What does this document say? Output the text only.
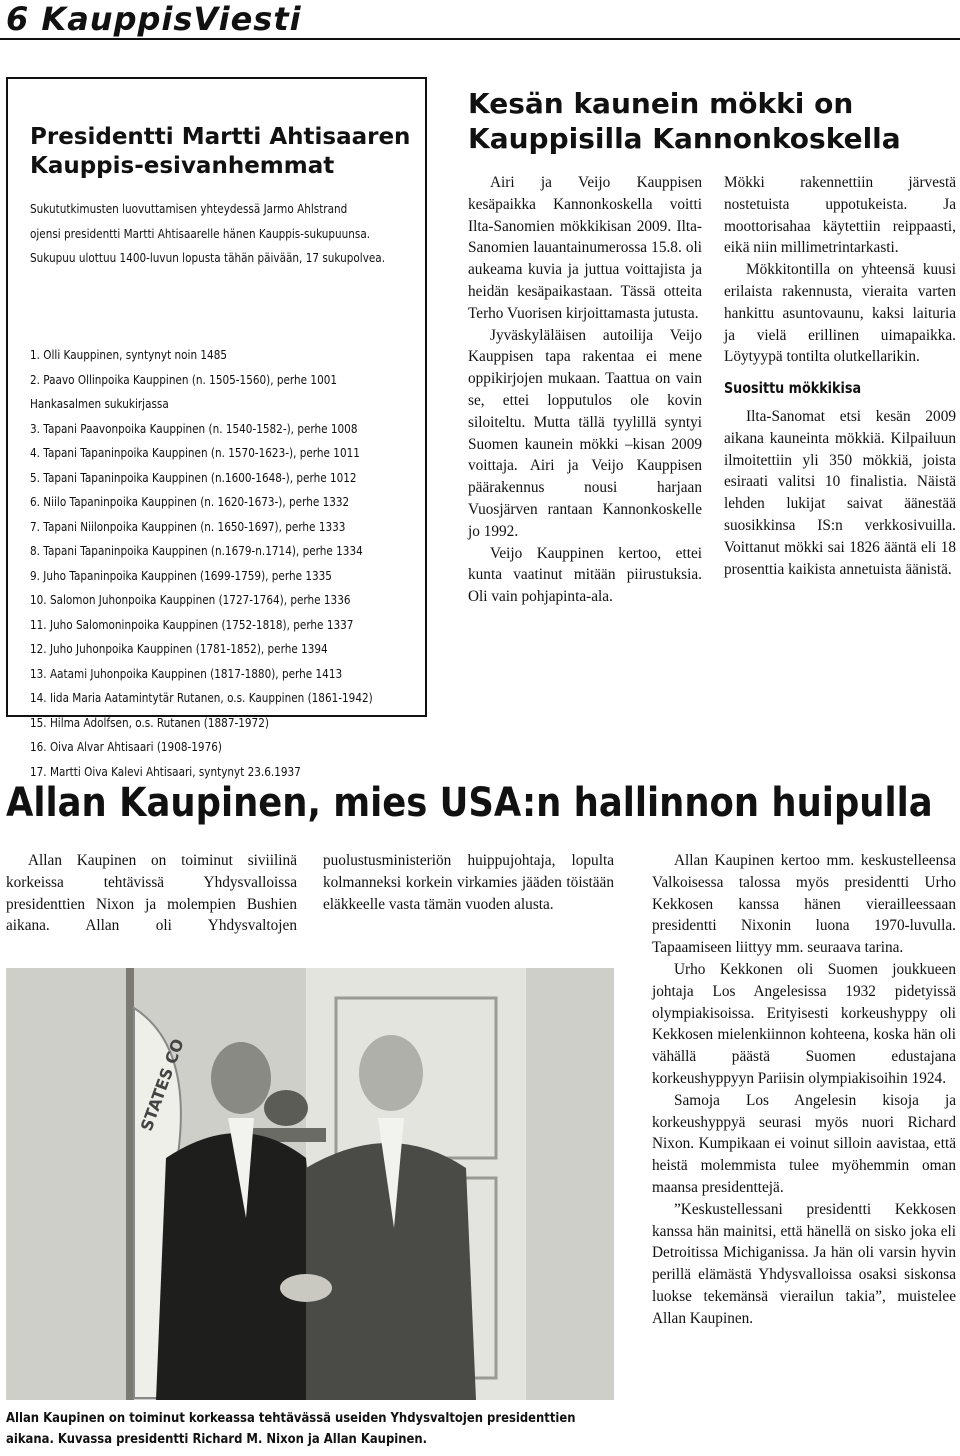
6 KauppisViesti
Presidentti Martti Ahtisaaren
Kauppis-esivanhemmat
Sukututkimusten luovuttamisen yhteydessä Jarmo Ahlstrand
ojensi presidentti Martti Ahtisaarelle hänen Kauppis-sukupuunsa.
Sukupuu ulottuu 1400-luvun lopusta tähän päivään, 17 sukupolvea.
1. Olli Kauppinen, syntynyt noin 1485
2. Paavo Ollinpoika Kauppinen (n. 1505-1560), perhe 1001
Hankasalmen sukukirjassa
3. Tapani Paavonpoika Kauppinen (n. 1540-1582-), perhe 1008
4. Tapani Tapaninpoika Kauppinen (n. 1570-1623-), perhe 1011
5. Tapani Tapaninpoika Kauppinen (n.1600-1648-), perhe 1012
6. Niilo Tapaninpoika Kauppinen (n. 1620-1673-), perhe 1332
7. Tapani Niilonpoika Kauppinen (n. 1650-1697), perhe 1333
8. Tapani Tapaninpoika Kauppinen (n.1679-n.1714), perhe 1334
9. Juho Tapaninpoika Kauppinen (1699-1759), perhe 1335
10. Salomon Juhonpoika Kauppinen (1727-1764), perhe 1336
11. Juho Salomoninpoika Kauppinen (1752-1818), perhe 1337
12. Juho Juhonpoika Kauppinen (1781-1852), perhe 1394
13. Aatami Juhonpoika Kauppinen (1817-1880), perhe 1413
14. Iida Maria Aatamintytär Rutanen, o.s. Kauppinen (1861-1942)
15. Hilma Adolfsen, o.s. Rutanen (1887-1972)
16. Oiva Alvar Ahtisaari (1908-1976)
17. Martti Oiva Kalevi Ahtisaari, syntynyt 23.6.1937
Kesän kaunein mökki on
Kauppisilla Kannonkoskella

Airi ja Veijo Kauppisen kesäpaikka Kannonkoskella voitti Ilta-Sanomien mökkikisan 2009. Ilta-Sanomien lauantainumerossa 15.8. oli aukeama kuvia ja juttua voittajista ja heidän kesäpaikastaan. Tässä otteita Terho Vuorisen kirjoittamasta jutusta.

Jyväskyläläisen autoilija Veijo Kauppisen tapa rakentaa ei mene oppikirjojen mukaan. Taattua on vain se, ettei lopputulos ole kovin siloiteltu. Mutta tällä tyylillä syntyi Suomen kaunein mökki –kisan 2009 voittaja. Airi ja Veijo Kauppisen päärakennus nousi harjaan Vuosjärven rantaan Kannonkoskelle jo 1992.

Veijo Kauppinen kertoo, ettei kunta vaatinut mitään piirustuksia. Oli vain pohjapinta-ala.

Mökki rakennettiin järvestä nostetuista uppotukeista. Ja moottorisahaa käytettiin reippaasti, eikä niin millimetrintarkasti.

Mökkitontilla on yhteensä kuusi erilaista rakennusta, vieraita varten hankittu asuntovaunu, kaksi laituria ja vielä erillinen uimapaikka. Löytyypä tontilta olutkellarikin.

Suosittu mökkikisa

Ilta-Sanomat etsi kesän 2009 aikana kauneinta mökkiä. Kilpailuun ilmoitettiin yli 350 mökkiä, joista esiraati valitsi 10 finalistia. Näistä lehden lukijat saivat äänestää suosikkinsa IS:n verkkosivuilla. Voittanut mökki sai 1826 ääntä eli 18 prosenttia kaikista annetuista äänistä.

Allan Kaupinen, mies USA:n hallinnon huipulla

Allan Kaupinen on toiminut siviilinä korkeissa tehtävissä Yhdysvalloissa presidenttien Nixon ja molempien Bushien aikana. Allan oli Yhdysvaltojen puolustusministeriön huippujohtaja, lopulta kolmanneksi korkein virkamies jääden töistään eläkkeelle vasta tämän vuoden alusta.

Allan Kaupinen kertoo mm. keskustelleensa Valkoisessa talossa myös presidentti Urho Kekkosen kanssa hänen vierailleessaan presidentti Nixonin luona 1970-luvulla. Tapaamiseen liittyy mm. seuraava tarina.

Urho Kekkonen oli Suomen joukkueen johtaja Los Angelesissa 1932 pidetyissä olympiakisoissa. Erityisesti korkeushyppy oli Kekkosen mielenkiinnon kohteena, koska hän oli vähällä päästä Suomen edustajana korkeushyppyyn Pariisin olympiakisoihin 1924.

Samoja Los Angelesin kisoja ja korkeushyppyä seurasi myös nuori Richard Nixon. Kumpikaan ei voinut silloin aavistaa, että heistä molemmista tulee myöhemmin oman maansa presidenttejä.

”Keskustellessani presidentti Kekkosen kanssa hän mainitsi, että hänellä on sisko joka eli Detroitissa Michiganissa. Ja hän oli varsin hyvin perillä elämästä Yhdysvalloissa osaksi siskonsa luokse tekemänsä vierailun takia”, muistelee Allan Kaupinen.

STATES CO
Allan Kaupinen on toiminut korkeassa tehtävässä useiden Yhdysvaltojen presidenttien
aikana. Kuvassa presidentti Richard M. Nixon ja Allan Kaupinen.
